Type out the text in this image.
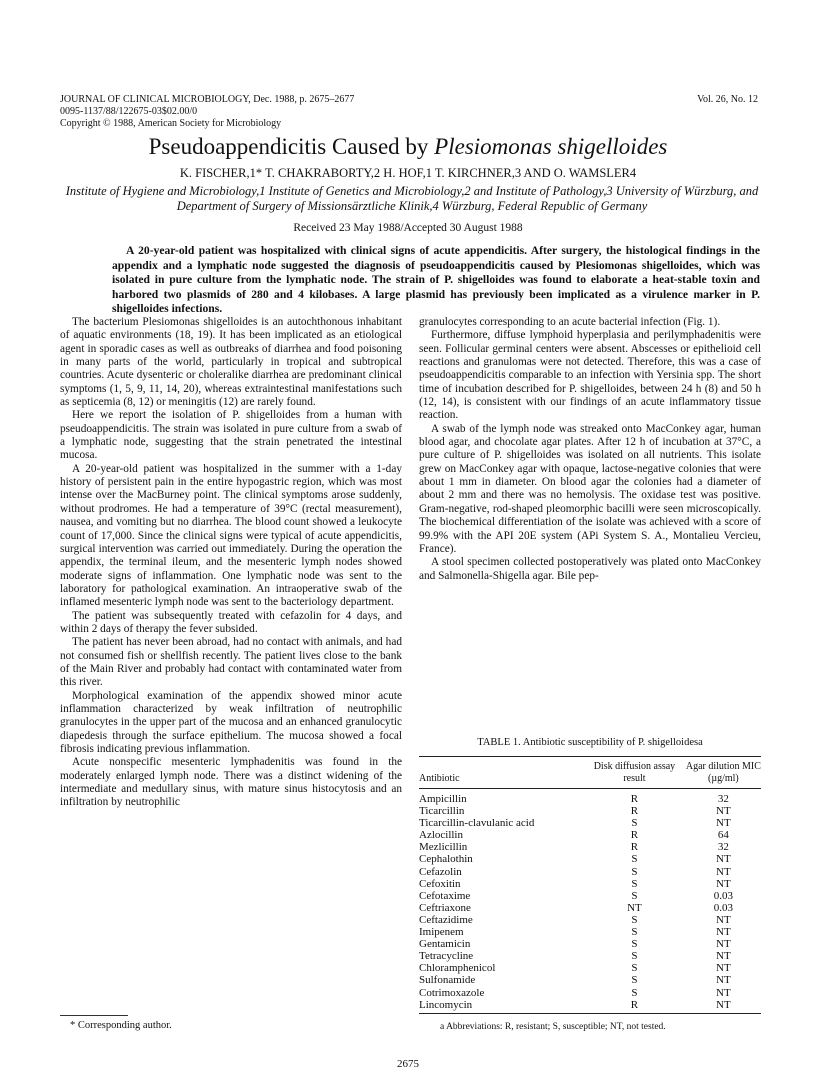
JOURNAL OF CLINICAL MICROBIOLOGY, Dec. 1988, p. 2675–2677
0095-1137/88/122675-03$02.00/0
Copyright © 1988, American Society for Microbiology
Vol. 26, No. 12
Pseudoappendicitis Caused by Plesiomonas shigelloides
K. FISCHER,1* T. CHAKRABORTY,2 H. HOF,1 T. KIRCHNER,3 AND O. WAMSLER4
Institute of Hygiene and Microbiology,1 Institute of Genetics and Microbiology,2 and Institute of Pathology,3 University of Würzburg, and Department of Surgery of Missionsärztliche Klinik,4 Würzburg, Federal Republic of Germany
Received 23 May 1988/Accepted 30 August 1988
A 20-year-old patient was hospitalized with clinical signs of acute appendicitis. After surgery, the histological findings in the appendix and a lymphatic node suggested the diagnosis of pseudoappendicitis caused by Plesiomonas shigelloides, which was isolated in pure culture from the lymphatic node. The strain of P. shigelloides was found to elaborate a heat-stable toxin and harbored two plasmids of 280 and 4 kilobases. A large plasmid has previously been implicated as a virulence marker in P. shigelloides infections.

The bacterium Plesiomonas shigelloides is an autochthonous inhabitant of aquatic environments (18, 19). It has been implicated as an etiological agent in sporadic cases as well as outbreaks of diarrhea and food poisoning in many parts of the world, particularly in tropical and subtropical countries. Acute dysenteric or choleralike diarrhea are predominant clinical symptoms (1, 5, 9, 11, 14, 20), whereas extraintestinal manifestations such as septicemia (8, 12) or meningitis (12) are rarely found.

Here we report the isolation of P. shigelloides from a human with pseudoappendicitis. The strain was isolated in pure culture from a swab of a lymphatic node, suggesting that the strain penetrated the intestinal mucosa.

A 20-year-old patient was hospitalized in the summer with a 1-day history of persistent pain in the entire hypogastric region, which was most intense over the MacBurney point. The clinical symptoms arose suddenly, without prodromes. He had a temperature of 39°C (rectal measurement), nausea, and vomiting but no diarrhea. The blood count showed a leukocyte count of 17,000. Since the clinical signs were typical of acute appendicitis, surgical intervention was carried out immediately. During the operation the appendix, the terminal ileum, and the mesenteric lymph nodes showed moderate signs of inflammation. One lymphatic node was sent to the laboratory for pathological examination. An intraoperative swab of the inflamed mesenteric lymph node was sent to the bacteriology department.

The patient was subsequently treated with cefazolin for 4 days, and within 2 days of therapy the fever subsided.

The patient has never been abroad, had no contact with animals, and had not consumed fish or shellfish recently. The patient lives close to the bank of the Main River and probably had contact with contaminated water from this river.

Morphological examination of the appendix showed minor acute inflammation characterized by weak infiltration of neutrophilic granulocytes in the upper part of the mucosa and an enhanced granulocytic diapedesis through the surface epithelium. The mucosa showed a focal fibrosis indicating previous inflammation.

Acute nonspecific mesenteric lymphadenitis was found in the moderately enlarged lymph node. There was a distinct widening of the intermediate and medullary sinus, with mature sinus histocytosis and an infiltration by neutrophilic

granulocytes corresponding to an acute bacterial infection (Fig. 1).

Furthermore, diffuse lymphoid hyperplasia and perilymphadenitis were seen. Follicular germinal centers were absent. Abscesses or epithelioid cell reactions and granulomas were not detected. Therefore, this was a case of pseudoappendicitis comparable to an infection with Yersinia spp. The short time of incubation described for P. shigelloides, between 24 h (8) and 50 h (12, 14), is consistent with our findings of an acute inflammatory tissue reaction.

A swab of the lymph node was streaked onto MacConkey agar, human blood agar, and chocolate agar plates. After 12 h of incubation at 37°C, a pure culture of P. shigelloides was isolated on all nutrients. This isolate grew on MacConkey agar with opaque, lactose-negative colonies that were about 1 mm in diameter. On blood agar the colonies had a diameter of about 2 mm and there was no hemolysis. The oxidase test was positive. Gram-negative, rod-shaped pleomorphic bacilli were seen microscopically. The biochemical differentiation of the isolate was achieved with a score of 99.9% with the API 20E system (APi System S. A., Montalieu Vercieu, France).

A stool specimen collected postoperatively was plated onto MacConkey and Salmonella-Shigella agar. Bile pep-

TABLE 1. Antibiotic susceptibility of P. shigelloidesa
Antibiotic	Disk diffusion assay result	Agar dilution MIC (µg/ml)
Ampicillin	R	32
Ticarcillin	R	NT
Ticarcillin-clavulanic acid	S	NT
Azlocillin	R	64
Mezlicillin	R	32
Cephalothin	S	NT
Cefazolin	S	NT
Cefoxitin	S	NT
Cefotaxime	S	0.03
Ceftriaxone	NT	0.03
Ceftazidime	S	NT
Imipenem	S	NT
Gentamicin	S	NT
Tetracycline	S	NT
Chloramphenicol	S	NT
Sulfonamide	S	NT
Cotrimoxazole	S	NT
Lincomycin	R	NT
a Abbreviations: R, resistant; S, susceptible; NT, not tested.
* Corresponding author.
2675
